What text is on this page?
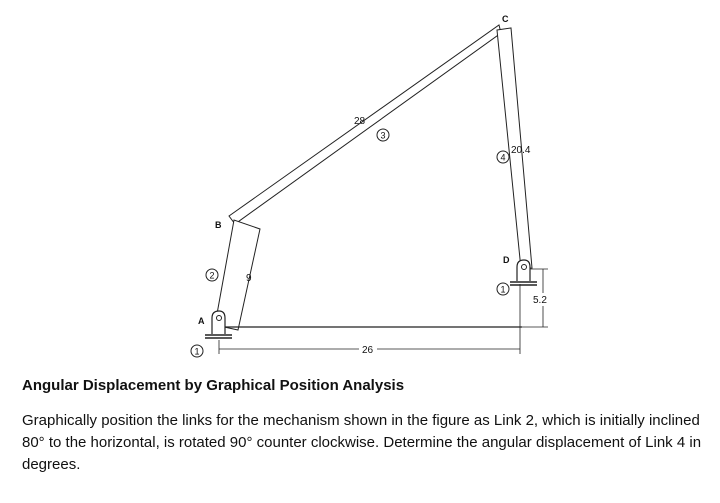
A
B
C
D
1
1
2
3
4
28
20.4
9
26
5.2
Angular Displacement by Graphical Position Analysis

Graphically position the links for the mechanism shown in the figure as Link 2, which is initially inclined 80° to the horizontal, is rotated 90° counter clockwise. Determine the angular displacement of Link 4 in degrees.
